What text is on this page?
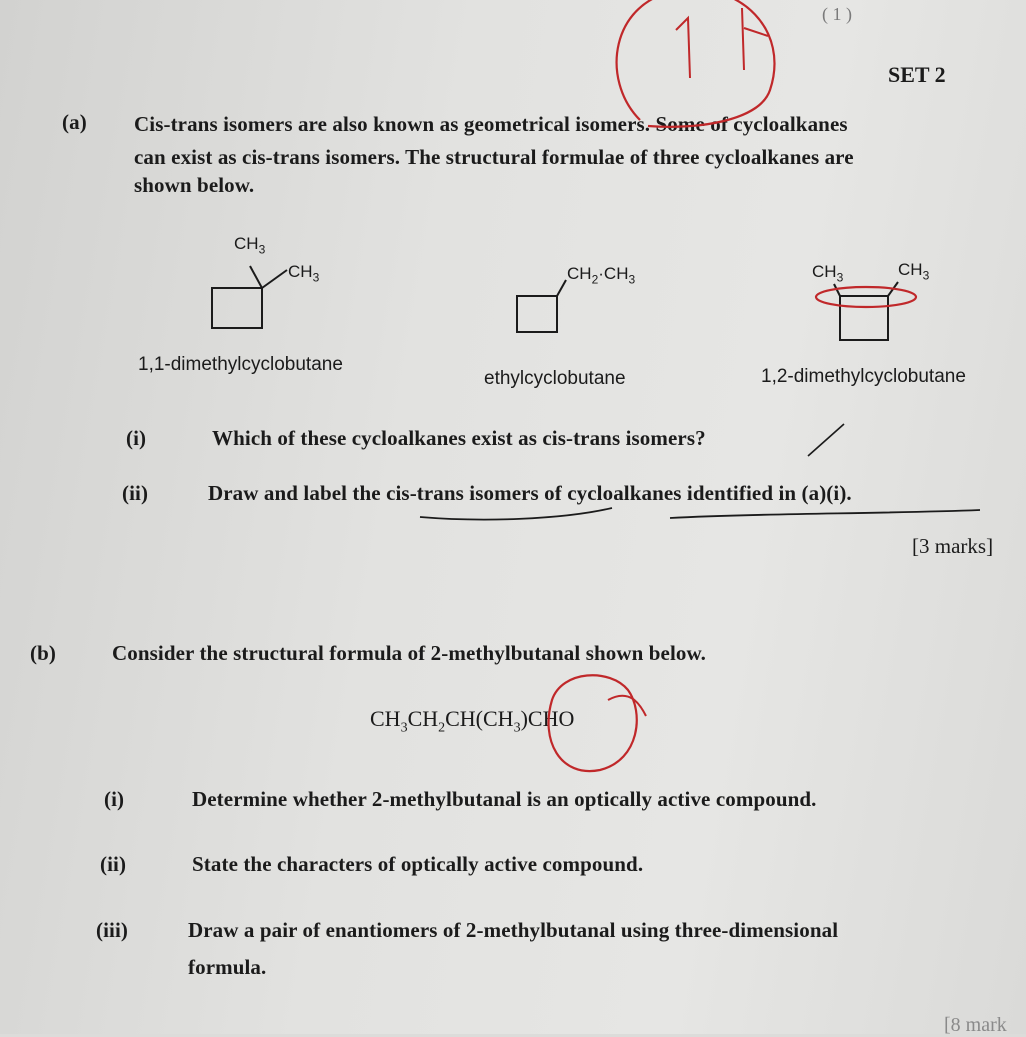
( 1 )
SET 2
(a) Cis-trans isomers are also known as geometrical isomers. Some of cycloalkanes
can exist as cis-trans isomers. The structural formulae of three cycloalkanes are
shown below.
$CH_3$
$CH_3$
1,1-dimethylcyclobutane
$CH_2\cdot CH_3$
ethylcyclobutane
$CH_3$	$CH_3$
1,2-dimethylcyclobutane
(i)	Which of these cycloalkanes exist as cis-trans isomers?
(ii)	Draw and label the cis-trans isomers of cycloalkanes identified in (a)(i).
[3 marks]
(b)	Consider the structural formula of 2-methylbutanal shown below.
$CH_3CH_2CH(CH_3)CHO$
(i)	Determine whether 2-methylbutanal is an optically active compound.
(ii)	State the characters of optically active compound.
(iii)	Draw a pair of enantiomers of 2-methylbutanal using three-dimensional
formula.
[8 mark
